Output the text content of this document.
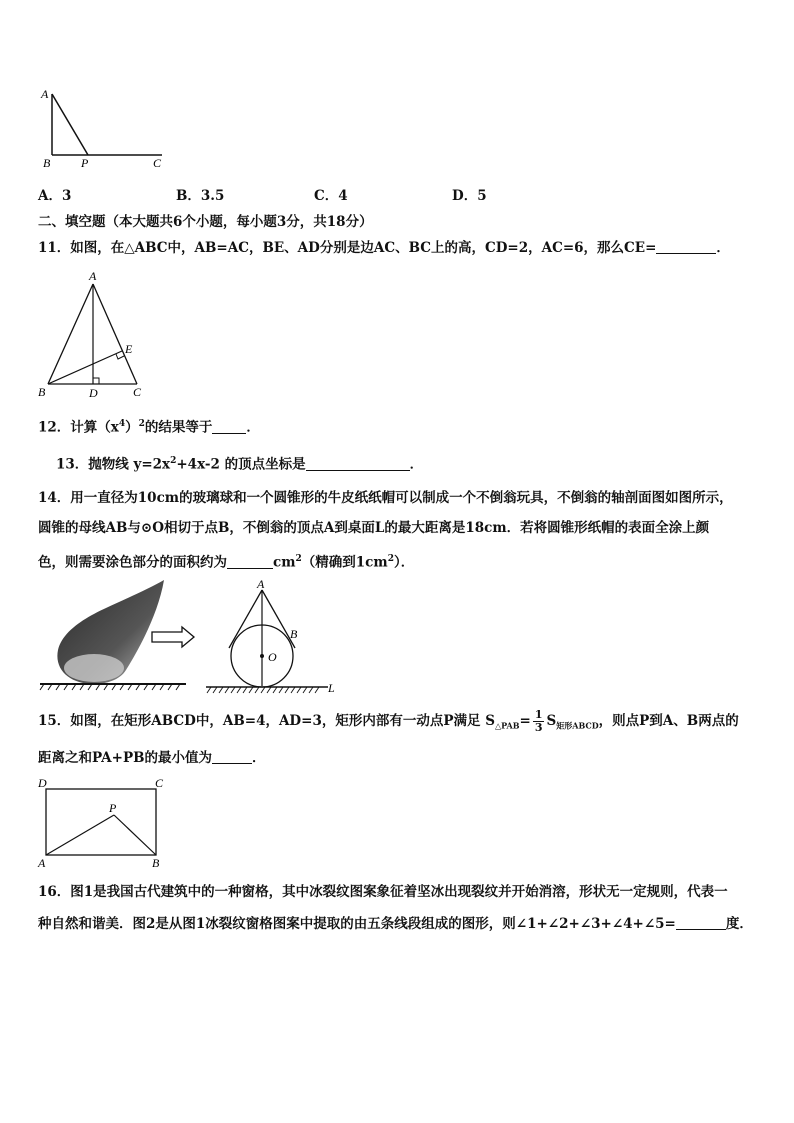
A
B	P	C
A．3	B．3.5	C．4	D．5
二、填空题（本大题共6个小题，每小题3分，共18分）
11．如图，在△ABC中，AB=AC，BE、AD分别是边AC、BC上的高，CD=2，AC=6，那么CE=	．
A
E
B	D	C
12．计算$(x^4)^2$的结果等于	．
13．抛物线 $y=2x^2+4x-2$ 的顶点坐标是	．
14．用一直径为10cm的玻璃球和一个圆锥形的牛皮纸纸帽可以制成一个不倒翁玩具，不倒翁的轴剖面图如图所示，
圆锥的母线AB与⊙O相切于点B，不倒翁的顶点A到桌面L的最大距离是18cm．若将圆锥形纸帽的表面全涂上颜
色，则需要涂色部分的面积约为	$cm^2$（精确到$1cm^2$）．
A
B
O
L
15．如图，在矩形ABCD中，AB=4，AD=3，矩形内部有一动点P满足 $S_{\triangle PAB}= \frac{1}{3} S_{矩形ABCD}$，则点P到A、B两点的
距离之和PA+PB的最小值为	．
D	C
P
A	B
16．图1是我国古代建筑中的一种窗格，其中冰裂纹图案象征着坚冰出现裂纹并开始消溶，形状无一定规则，代表一
种自然和谐美．图2是从图1冰裂纹窗格图案中提取的由五条线段组成的图形，则∠1+∠2+∠3+∠4+∠5=	度．
